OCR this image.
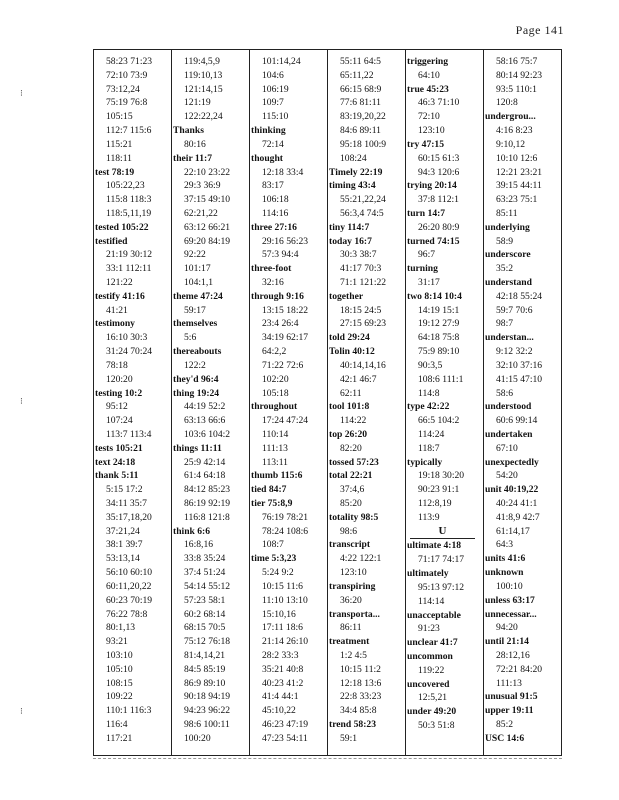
Page 141
58:23 71:23
72:10 73:9
73:12,24
75:19 76:8
105:15
112:7 115:6
115:21
118:11
test 78:19
105:22,23
115:8 118:3
118:5,11,19
tested 105:22
testified
21:19 30:12
33:1 112:11
121:22
testify 41:16
41:21
testimony
16:10 30:3
31:24 70:24
78:18
120:20
testing 10:2
95:12
107:24
113:7 113:4
tests 105:21
text 24:18
thank 5:11
5:15 17:2
34:11 35:7
35:17,18,20
37:21,24
38:1 39:7
53:13,14
56:10 60:10
60:11,20,22
60:23 70:19
76:22 78:8
80:1,13
93:21
103:10
105:10
108:15
109:22
110:1 116:3
116:4
117:21
119:4,5,9
119:10,13
121:14,15
121:19
122:22,24
Thanks
80:16
their 11:7
22:10 23:22
29:3 36:9
37:15 49:10
62:21,22
63:12 66:21
69:20 84:19
92:22
101:17
104:1,1
theme 47:24
59:17
themselves
5:6
thereabouts
122:2
they'd 96:4
thing 19:24
44:19 52:2
63:13 66:6
103:6 104:2
things 11:11
25:9 42:14
61:4 64:18
84:12 85:23
86:19 92:19
116:8 121:8
think 6:6
16:8,16
33:8 35:24
37:4 51:24
54:14 55:12
57:23 58:1
60:2 68:14
68:15 70:5
75:12 76:18
81:4,14,21
84:5 85:19
86:9 89:10
90:18 94:19
94:23 96:22
98:6 100:11
100:20
101:14,24
104:6
106:19
109:7
115:10
thinking
72:14
thought
12:18 33:4
83:17
106:18
114:16
three 27:16
29:16 56:23
57:3 94:4
three-foot
32:16
through 9:16
13:15 18:22
23:4 26:4
34:19 62:17
64:2,2
71:22 72:6
102:20
105:18
throughout
17:24 47:24
110:14
111:13
113:11
thumb 115:6
tied 84:7
tier 75:8,9
76:19 78:21
78:24 108:6
108:7
time 5:3,23
5:24 9:2
10:15 11:6
11:10 13:10
15:10,16
17:11 18:6
21:14 26:10
28:2 33:3
35:21 40:8
40:23 41:2
41:4 44:1
45:10,22
46:23 47:19
47:23 54:11
55:11 64:5
65:11,22
66:15 68:9
77:6 81:11
83:19,20,22
84:6 89:11
95:18 100:9
108:24
Timely 22:19
timing 43:4
55:21,22,24
56:3,4 74:5
tiny 114:7
today 16:7
30:3 38:7
41:17 70:3
71:1 121:22
together
18:15 24:5
27:15 69:23
told 29:24
Tolin 40:12
40:14,14,16
42:1 46:7
62:11
tool 101:8
114:22
top 26:20
82:20
tossed 57:23
total 22:21
37:4,6
85:20
totality 98:5
98:6
transcript
4:22 122:1
123:10
transpiring
36:20
transporta...
86:11
treatment
1:2 4:5
10:15 11:2
12:18 13:6
22:8 33:23
34:4 85:8
trend 58:23
59:1
triggering
64:10
true 45:23
46:3 71:10
72:10
123:10
try 47:15
60:15 61:3
94:3 120:6
trying 20:14
37:8 112:1
turn 14:7
26:20 80:9
turned 74:15
96:7
turning
31:17
two 8:14 10:4
14:19 15:1
19:12 27:9
64:18 75:8
75:9 89:10
90:3,5
108:6 111:1
114:8
type 42:22
66:5 104:2
114:24
118:7
typically
19:18 30:20
90:23 91:1
112:8,19
113:9
U
ultimate 4:18
71:17 74:17
ultimately
95:13 97:12
114:14
unacceptable
91:23
unclear 41:7
uncommon
119:22
uncovered
12:5,21
under 49:20
50:3 51:8
58:16 75:7
80:14 92:23
93:5 110:1
120:8
undergrou...
4:16 8:23
9:10,12
10:10 12:6
12:21 23:21
39:15 44:11
63:23 75:1
85:11
underlying
58:9
underscore
35:2
understand
42:18 55:24
59:7 70:6
98:7
understan...
9:12 32:2
32:10 37:16
41:15 47:10
58:6
understood
60:6 99:14
undertaken
67:10
unexpectedly
54:20
unit 40:19,22
40:24 41:1
41:8,9 42:7
61:14,17
64:3
units 41:6
unknown
100:10
unless 63:17
unnecessar...
94:20
until 21:14
28:12,16
72:21 84:20
111:13
unusual 91:5
upper 19:11
85:2
USC 14:6
⁝
⁝
⁝
